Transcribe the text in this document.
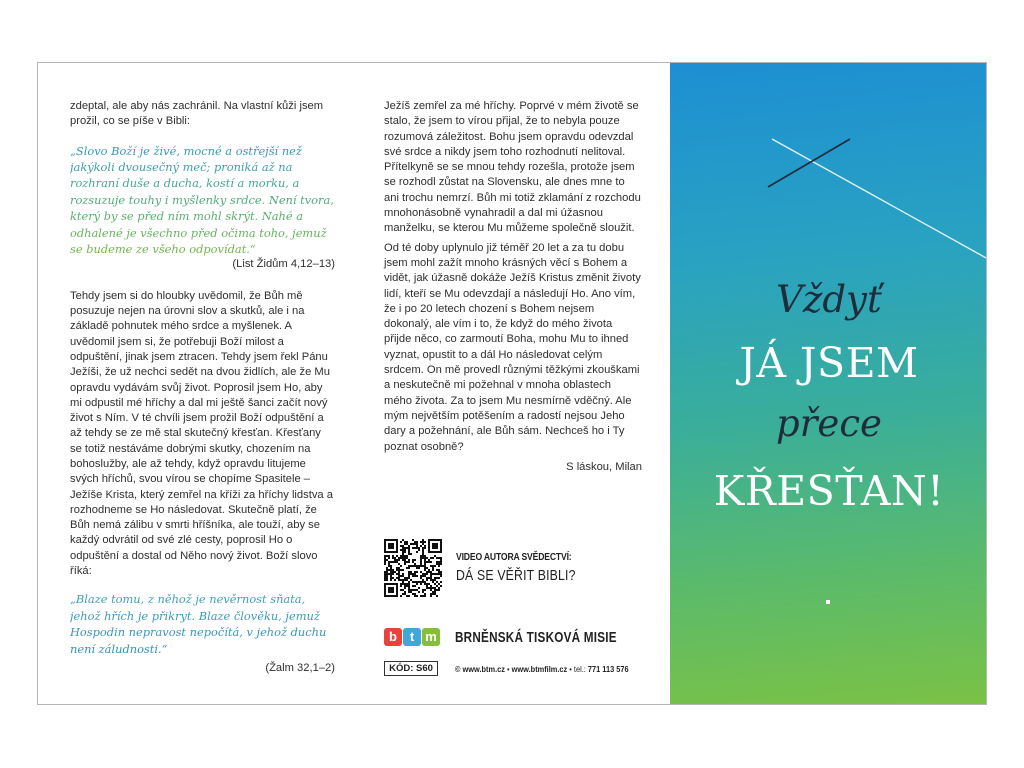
zdeptal, ale aby nás zachránil. Na vlastní kůži jsem prožil, co se píše v Bibli:

„Slovo Boží je živé, mocné a ostřejší než jakýkoli dvousečný meč; proniká až na rozhraní duše a ducha, kostí a morku, a rozsuzuje touhy i myšlenky srdce. Není tvora, který by se před ním mohl skrýt. Nahé a odhalené je všechno před očima toho, jemuž se budeme ze všeho odpovídat.“

(List Židům 4,12–13)

Tehdy jsem si do hloubky uvědomil, že Bůh mě posuzuje nejen na úrovni slov a skutků, ale i na základě pohnutek mého srdce a myšlenek. A uvědomil jsem si, že potřebuji Boží milost a odpuštění, jinak jsem ztracen. Tehdy jsem řekl Pánu Ježíši, že už nechci sedět na dvou židlích, ale že Mu opravdu vydávám svůj život. Poprosil jsem Ho, aby mi odpustil mé hříchy a dal mi ještě šanci začít nový život s Ním. V té chvíli jsem prožil Boží odpuštění a až tehdy se ze mě stal skutečný křesťan. Křesťany se totiž nestáváme dobrými skutky, chozením na bohoslužby, ale až tehdy, když opravdu litujeme svých hříchů, svou vírou se chopíme Spasitele – Ježíše Krista, který zemřel na kříži za hříchy lidstva a rozhodneme se Ho následovat. Skutečně platí, že Bůh nemá zálibu v smrti hříšníka, ale touží, aby se každý odvrátil od své zlé cesty, poprosil Ho o odpuštění a dostal od Něho nový život. Boží slovo říká:

„Blaze tomu, z něhož je nevěrnost sňata, jehož hřích je přikryt. Blaze člověku, jemuž Hospodin nepravost nepočítá, v jehož duchu není záludnosti.“

(Žalm 32,1–2)

Ježíš zemřel za mé hříchy. Poprvé v mém životě se stalo, že jsem to vírou přijal, že to nebyla pouze rozumová záležitost. Bohu jsem opravdu odevzdal své srdce a nikdy jsem toho rozhodnutí nelitoval. Přítelkyně se se mnou tehdy rozešla, protože jsem se rozhodl zůstat na Slovensku, ale dnes mne to ani trochu nemrzí. Bůh mi totiž zklamání z rozchodu mnohonásobně vynahradil a dal mi úžasnou manželku, se kterou Mu můžeme společně sloužit.

Od té doby uplynulo již téměř 20 let a za tu dobu jsem mohl zažít mnoho krásných věcí s Bohem a vidět, jak úžasně dokáže Ježíš Kristus změnit životy lidí, kteří se Mu odevzdají a následují Ho. Ano vím, že i po 20 letech chození s Bohem nejsem dokonalý, ale vím i to, že když do mého života přijde něco, co zarmoutí Boha, mohu Mu to ihned vyznat, opustit to a dál Ho následovat celým srdcem. On mě provedl různými těžkými zkouškami a neskutečně mi požehnal v mnoha oblastech mého života. Za to jsem Mu nesmírně vděčný. Ale mým největším potěšením a radostí nejsou Jeho dary a požehnání, ale Bůh sám. Nechceš ho i Ty poznat osobně?

S láskou, Milan

VIDEO AUTORA SVĚDECTVÍ:
DÁ SE VĚŘIT BIBLI?
b t m BRNĚNSKÁ TISKOVÁ MISIE
KÓD: S60	© www.btm.cz • www.btmfilm.cz • tel.: 771 113 576
Vždyť
JÁ JSEM
přece
KŘESŤAN!
